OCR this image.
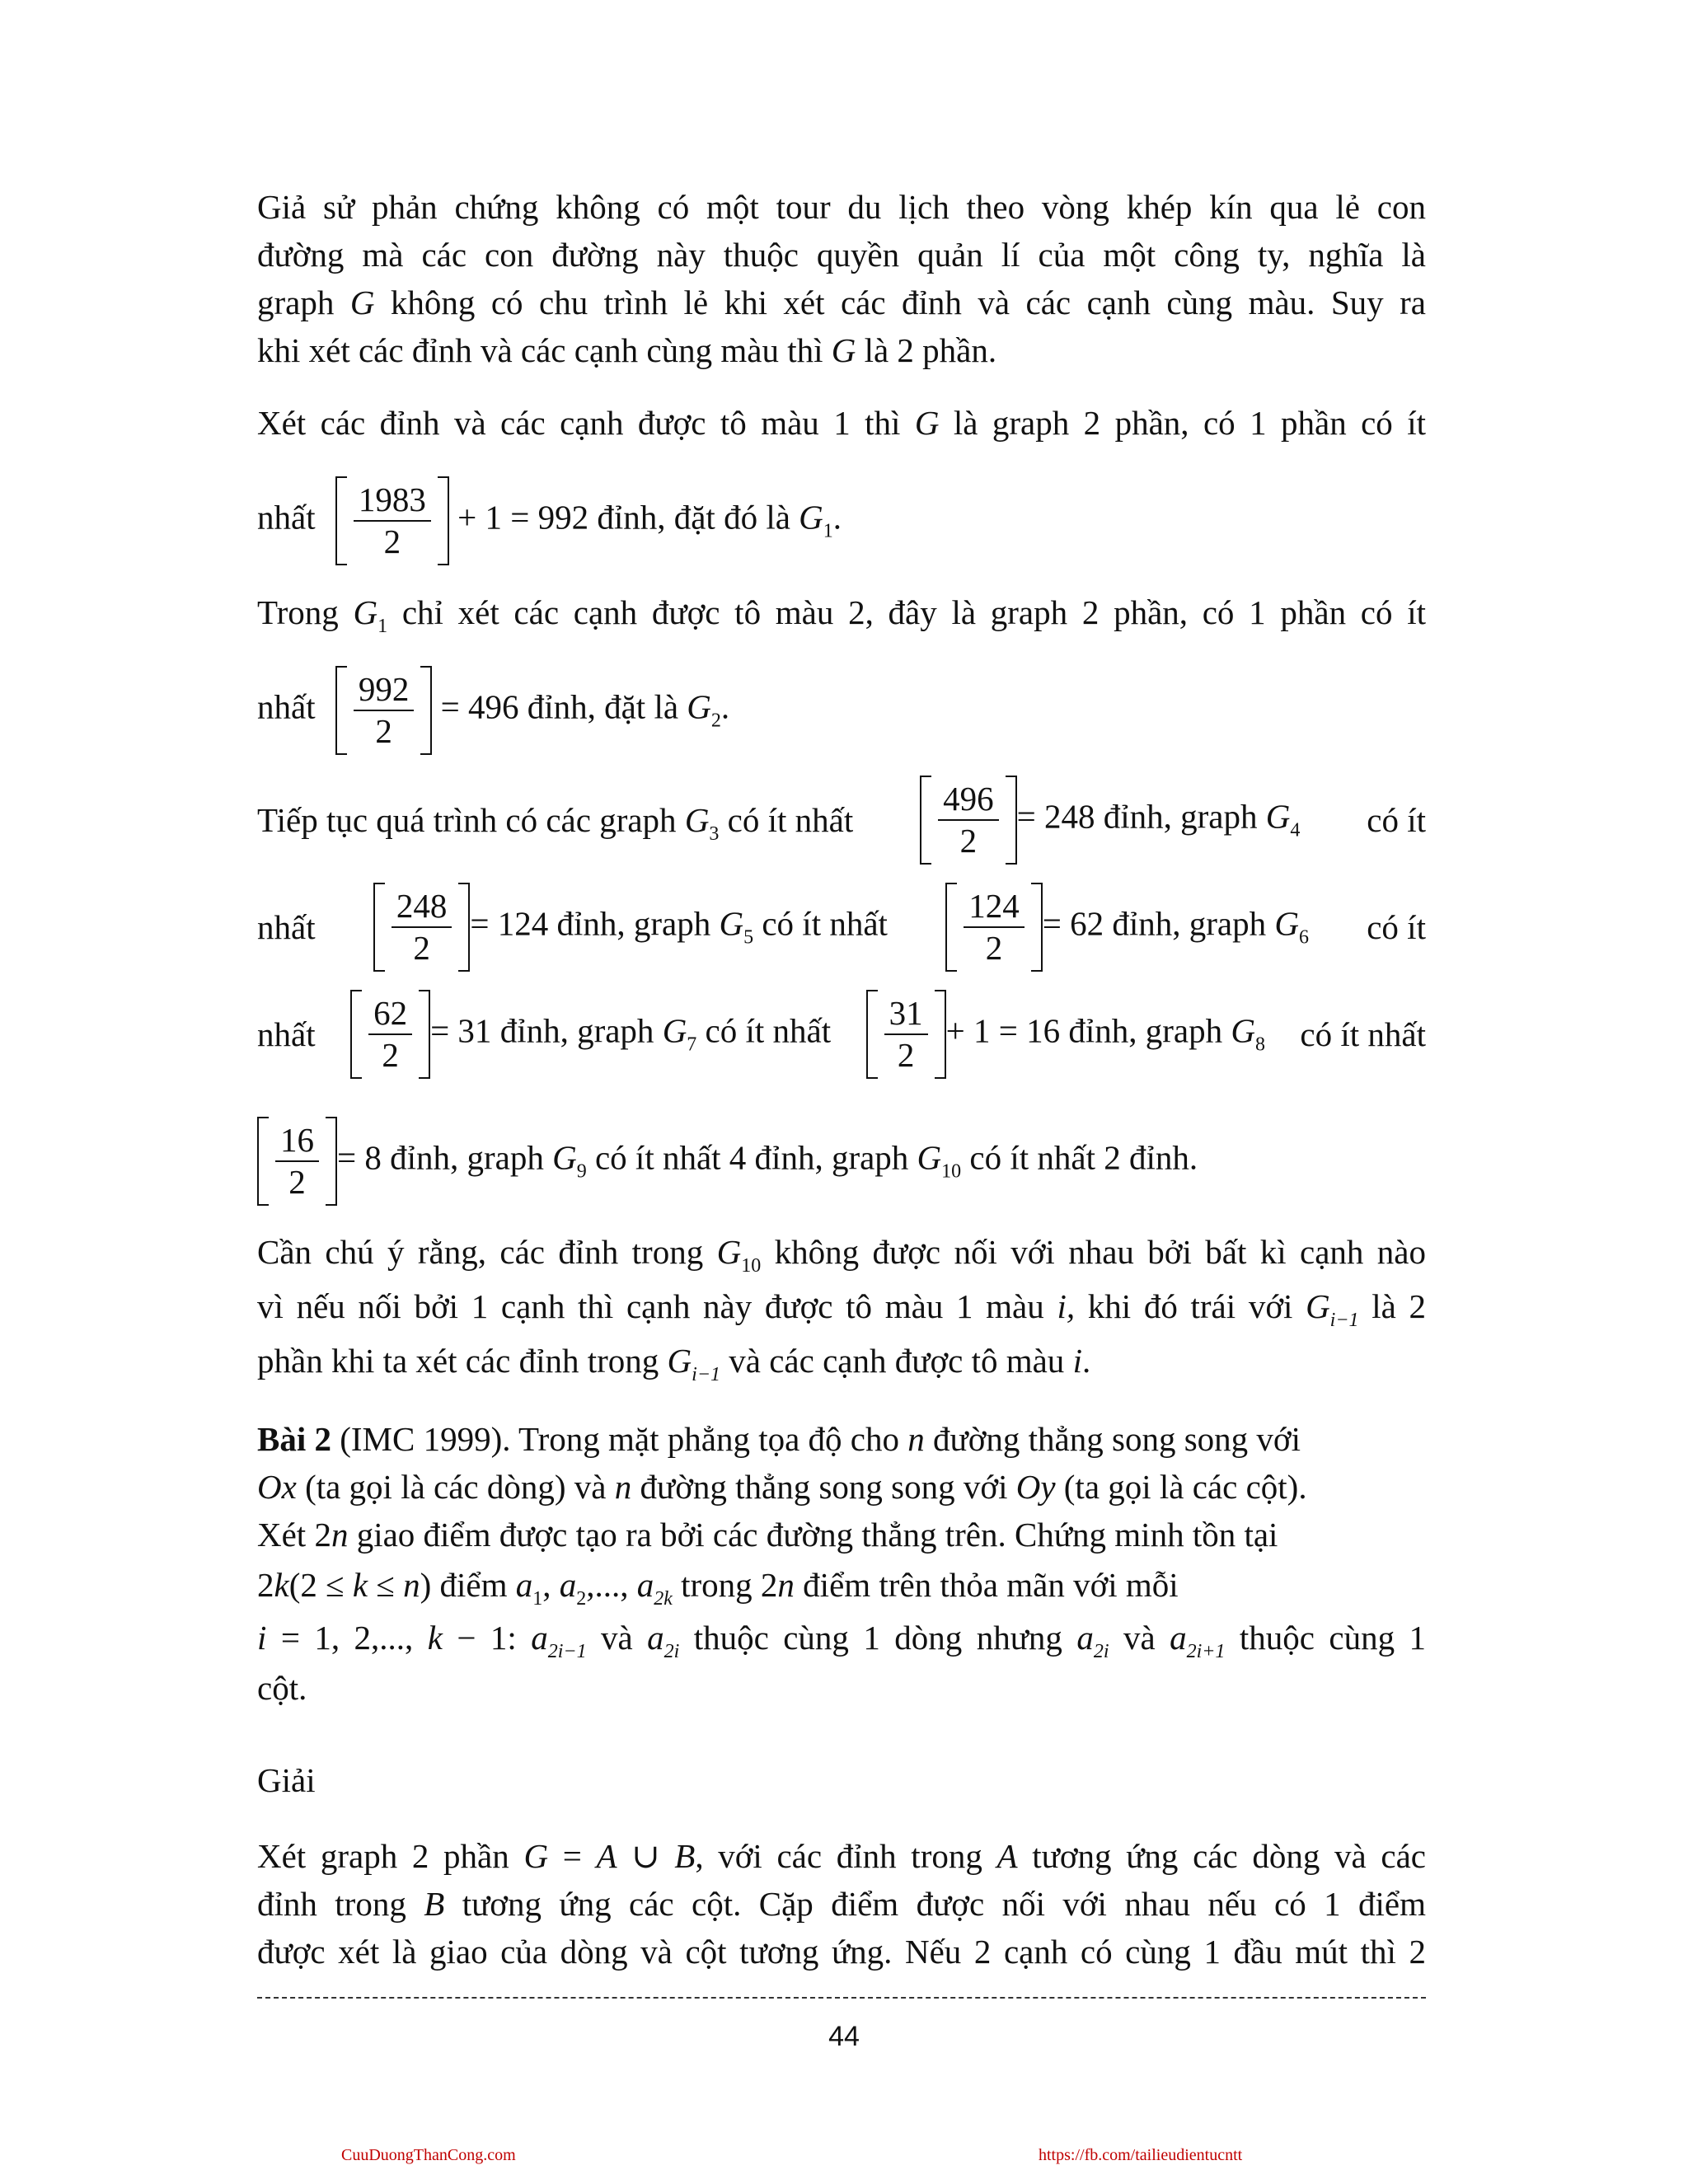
Giả sử phản chứng không có một tour du lịch theo vòng khép kín qua lẻ con
đường mà các con đường này thuộc quyền quản lí của một công ty, nghĩa là
graph G không có chu trình lẻ khi xét các đỉnh và các cạnh cùng màu. Suy ra
khi xét các đỉnh và các cạnh cùng màu thì G là 2 phần.
Xét các đỉnh và các cạnh được tô màu 1 thì G là graph 2 phần, có 1 phần có ít
nhất $\frac{1983}{2} + 1 = 992$ đỉnh, đặt đó là $G_1$.
Trong $G_1$ chỉ xét các cạnh được tô màu 2, đây là graph 2 phần, có 1 phần có ít
nhất $\frac{992}{2} = 496$ đỉnh, đặt là $G_2$.
Tiếp tục quá trình có các graph $G_3$ có ít nhất	$\frac{496}{2} = 248$ đỉnh, graph $G_4$ có ít
nhất $\frac{248}{2} = 124$ đỉnh, graph $G_5$ có ít nhất $\frac{124}{2} = 62$ đỉnh, graph $G_6$ có ít
nhất $\frac{62}{2} = 31$ đỉnh, graph $G_7$ có ít nhất $\frac{31}{2} + 1 = 16$ đỉnh, graph $G_8$ có ít nhất
$\frac{16}{2} = 8$ đỉnh, graph $G_9$ có ít nhất 4 đỉnh, graph $G_{10}$ có ít nhất 2 đỉnh.
Cần chú ý rằng, các đỉnh trong $G_{10}$ không được nối với nhau bởi bất kì cạnh nào
vì nếu nối bởi 1 cạnh thì cạnh này được tô màu 1 màu i, khi đó trái với $G_{i-1}$ là 2
phần khi ta xét các đỉnh trong $G_{i-1}$ và các cạnh được tô màu i.
Bài 2 (IMC 1999). Trong mặt phẳng tọa độ cho n đường thẳng song song với
Ox (ta gọi là các dòng) và n đường thẳng song song với Oy (ta gọi là các cột).
Xét 2n giao điểm được tạo ra bởi các đường thẳng trên. Chứng minh tồn tại
2k(2 ≤ k ≤ n) điểm $a_1$, $a_2$,..., $a_{2k}$ trong 2n điểm trên thỏa mãn với mỗi
i = 1, 2,..., k − 1: $a_{2i-1}$ và $a_{2i}$ thuộc cùng 1 dòng nhưng $a_{2i}$ và $a_{2i+1}$ thuộc cùng 1
cột.
Giải
Xét graph 2 phần G = A ∪ B, với các đỉnh trong A tương ứng các dòng và các
đỉnh trong B tương ứng các cột. Cặp điểm được nối với nhau nếu có 1 điểm
được xét là giao của dòng và cột tương ứng. Nếu 2 cạnh có cùng 1 đầu mút thì 2
44
CuuDuongThanCong.com	https://fb.com/tailieudientucntt
